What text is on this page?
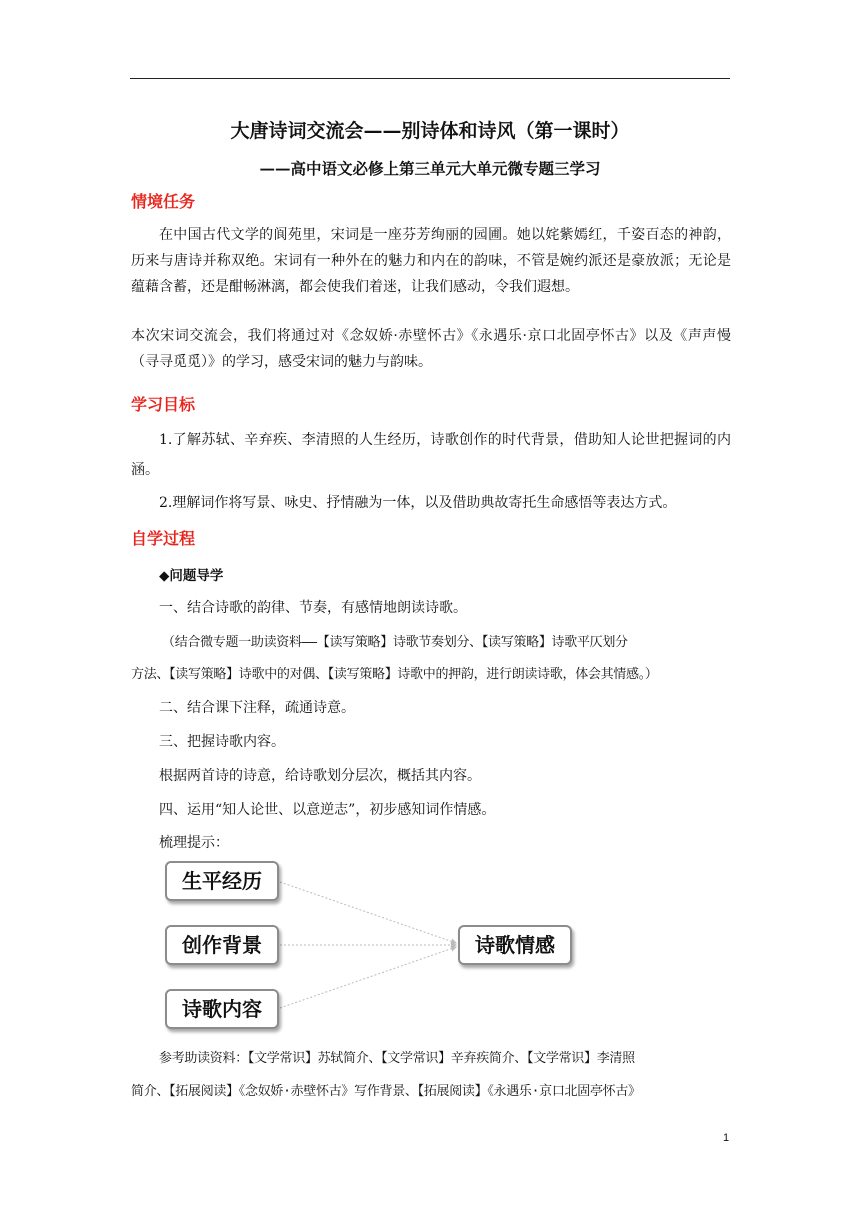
大唐诗词交流会——别诗体和诗风（第一课时）
——高中语文必修上第三单元大单元微专题三学习
情境任务
在中国古代文学的阆苑里，宋词是一座芬芳绚丽的园圃。她以姹紫嫣红，千姿百态的神韵，历来与唐诗并称双绝。宋词有一种外在的魅力和内在的韵味，不管是婉约派还是豪放派；无论是蕴藉含蓄，还是酣畅淋漓，都会使我们着迷，让我们感动，令我们遐想。
本次宋词交流会，我们将通过对《念奴娇·赤壁怀古》《永遇乐·京口北固亭怀古》以及《声声慢（寻寻觅觅）》的学习，感受宋词的魅力与韵味。
学习目标
1.了解苏轼、辛弃疾、李清照的人生经历，诗歌创作的时代背景，借助知人论世把握词的内涵。
2.理解词作将写景、咏史、抒情融为一体，以及借助典故寄托生命感悟等表达方式。
自学过程
◆问题导学
一、结合诗歌的韵律、节奏，有感情地朗读诗歌。
（结合微专题一助读资料——【读写策略】诗歌节奏划分、【读写策略】诗歌平仄划分
方法、【读写策略】诗歌中的对偶、【读写策略】诗歌中的押韵，进行朗读诗歌，体会其情感。）
二、结合课下注释，疏通诗意。
三、把握诗歌内容。
根据两首诗的诗意，给诗歌划分层次，概括其内容。
四、运用“知人论世、以意逆志”，初步感知词作情感。
梳理提示：
生平经历
创作背景
诗歌内容
诗歌情感
参考助读资料：【文学常识】苏轼简介、【文学常识】辛弃疾简介、【文学常识】李清照
简介、【拓展阅读】《念奴娇·赤壁怀古》写作背景、【拓展阅读】《永遇乐·京口北固亭怀古》
1
